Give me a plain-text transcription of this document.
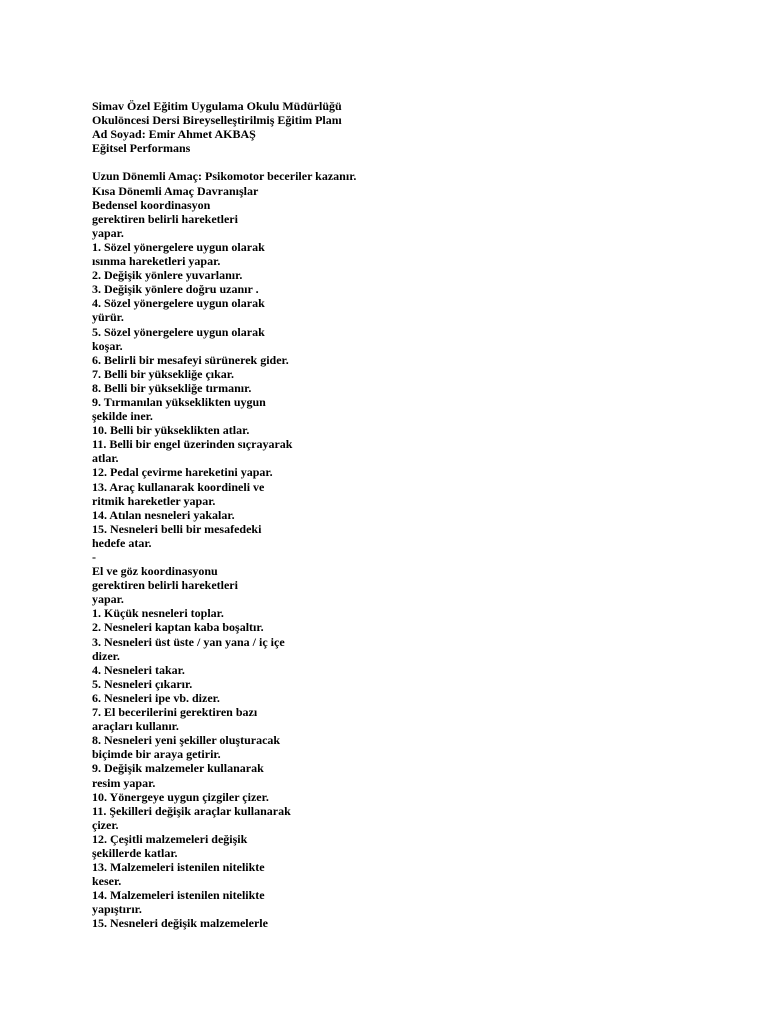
Simav Özel Eğitim Uygulama Okulu Müdürlüğü
Okulöncesi Dersi Bireyselleştirilmiş Eğitim Planı
Ad Soyad: Emir Ahmet AKBAŞ
Eğitsel Performans
Uzun Dönemli Amaç: Psikomotor beceriler kazanır.
Kısa Dönemli Amaç Davranışlar
Bedensel koordinasyon
gerektiren belirli hareketleri
yapar.
1. Sözel yönergelere uygun olarak
ısınma hareketleri yapar.
2. Değişik yönlere yuvarlanır.
3. Değişik yönlere doğru uzanır .
4. Sözel yönergelere uygun olarak
yürür.
5. Sözel yönergelere uygun olarak
koşar.
6. Belirli bir mesafeyi sürünerek gider.
7. Belli bir yüksekliğe çıkar.
8. Belli bir yüksekliğe tırmanır.
9. Tırmanılan yükseklikten uygun
şekilde iner.
10. Belli bir yükseklikten atlar.
11. Belli bir engel üzerinden sıçrayarak
atlar.
12. Pedal çevirme hareketini yapar.
13. Araç kullanarak koordineli ve
ritmik hareketler yapar.
14. Atılan nesneleri yakalar.
15. Nesneleri belli bir mesafedeki
hedefe atar.
-
El ve göz koordinasyonu
gerektiren belirli hareketleri
yapar.
1. Küçük nesneleri toplar.
2. Nesneleri kaptan kaba boşaltır.
3. Nesneleri üst üste / yan yana / iç içe
dizer.
4. Nesneleri takar.
5. Nesneleri çıkarır.
6. Nesneleri ipe vb. dizer.
7. El becerilerini gerektiren bazı
araçları kullanır.
8. Nesneleri yeni şekiller oluşturacak
biçimde bir araya getirir.
9. Değişik malzemeler kullanarak
resim yapar.
10. Yönergeye uygun çizgiler çizer.
11. Şekilleri değişik araçlar kullanarak
çizer.
12. Çeşitli malzemeleri değişik
şekillerde katlar.
13. Malzemeleri istenilen nitelikte
keser.
14. Malzemeleri istenilen nitelikte
yapıştırır.
15. Nesneleri değişik malzemelerle
